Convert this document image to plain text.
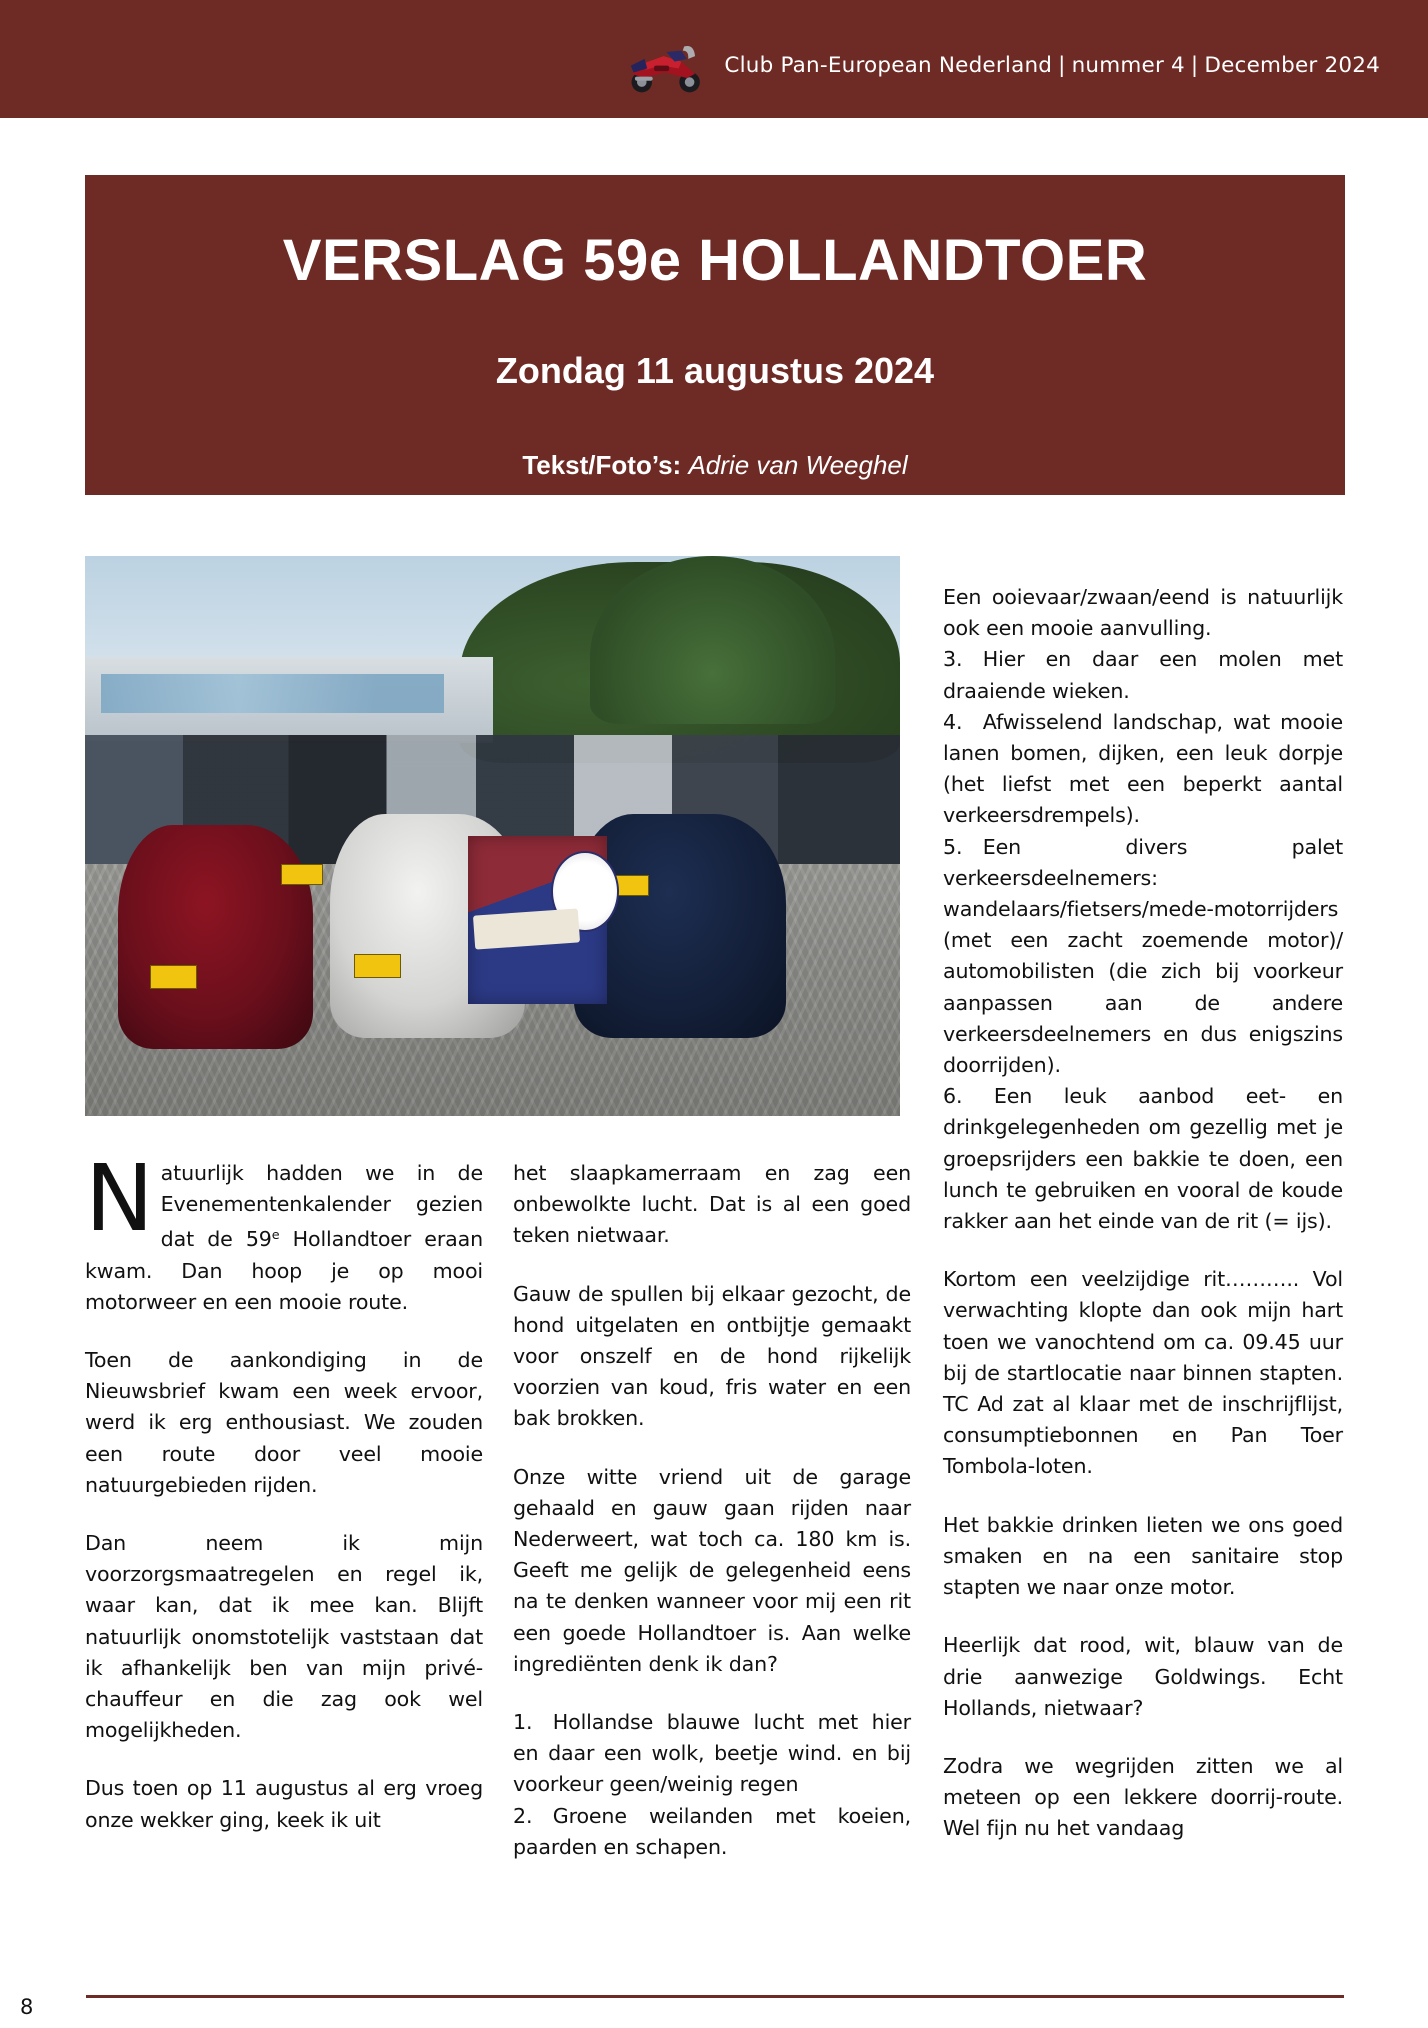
Club Pan-European Nederland | nummer 4 | December 2024
VERSLAG 59e HOLLANDTOER
Zondag 11 augustus 2024
Tekst/Foto’s: Adrie van Weeghel

Natuurlijk hadden we in de Evenementenkalender gezien dat de 59e Hollandtoer eraan kwam. Dan hoop je op mooi motorweer en een mooie route.

Toen de aankondiging in de Nieuwsbrief kwam een week ervoor, werd ik erg enthousiast. We zouden een route door veel mooie natuurgebieden rijden.

Dan neem ik mijn voorzorgsmaatregelen en regel ik, waar kan, dat ik mee kan. Blijft natuurlijk onomstotelijk vaststaan dat ik afhankelijk ben van mijn privé-chauffeur en die zag ook wel mogelijkheden.

Dus toen op 11 augustus al erg vroeg onze wekker ging, keek ik uit

het slaapkamerraam en zag een onbewolkte lucht. Dat is al een goed teken nietwaar.

Gauw de spullen bij elkaar gezocht, de hond uitgelaten en ontbijtje gemaakt voor onszelf en de hond rijkelijk voorzien van koud, fris water en een bak brokken.

Onze witte vriend uit de garage gehaald en gauw gaan rijden naar Nederweert, wat toch ca. 180 km is. Geeft me gelijk de gelegenheid eens na te denken wanneer voor mij een rit een goede Hollandtoer is. Aan welke ingrediënten denk ik dan?

1. Hollandse blauwe lucht met hier en daar een wolk, beetje wind. en bij voorkeur geen/weinig regen

2. Groene weilanden met koeien, paarden en schapen.

Een ooievaar/zwaan/eend is natuurlijk ook een mooie aanvulling.

3. Hier en daar een molen met draaiende wieken.

4. Afwisselend landschap, wat mooie lanen bomen, dijken, een leuk dorpje (het liefst met een beperkt aantal verkeersdrempels).

5. Een divers palet verkeersdeelnemers: wandelaars/fietsers/mede-motorrijders (met een zacht zoemende motor)/ automobilisten (die zich bij voorkeur aanpassen aan de andere verkeersdeelnemers en dus enigszins doorrijden).

6. Een leuk aanbod eet- en drinkgelegenheden om gezellig met je groepsrijders een bakkie te doen, een lunch te gebruiken en vooral de koude rakker aan het einde van de rit (= ijs).

Kortom een veelzijdige rit……….. Vol verwachting klopte dan ook mijn hart toen we vanochtend om ca. 09.45 uur bij de startlocatie naar binnen stapten. TC Ad zat al klaar met de inschrijflijst, consumptiebonnen en Pan Toer Tombola-loten.

Het bakkie drinken lieten we ons goed smaken en na een sanitaire stop stapten we naar onze motor.

Heerlijk dat rood, wit, blauw van de drie aanwezige Goldwings. Echt Hollands, nietwaar?

Zodra we wegrijden zitten we al meteen op een lekkere doorrij-route. Wel fijn nu het vandaag

8
